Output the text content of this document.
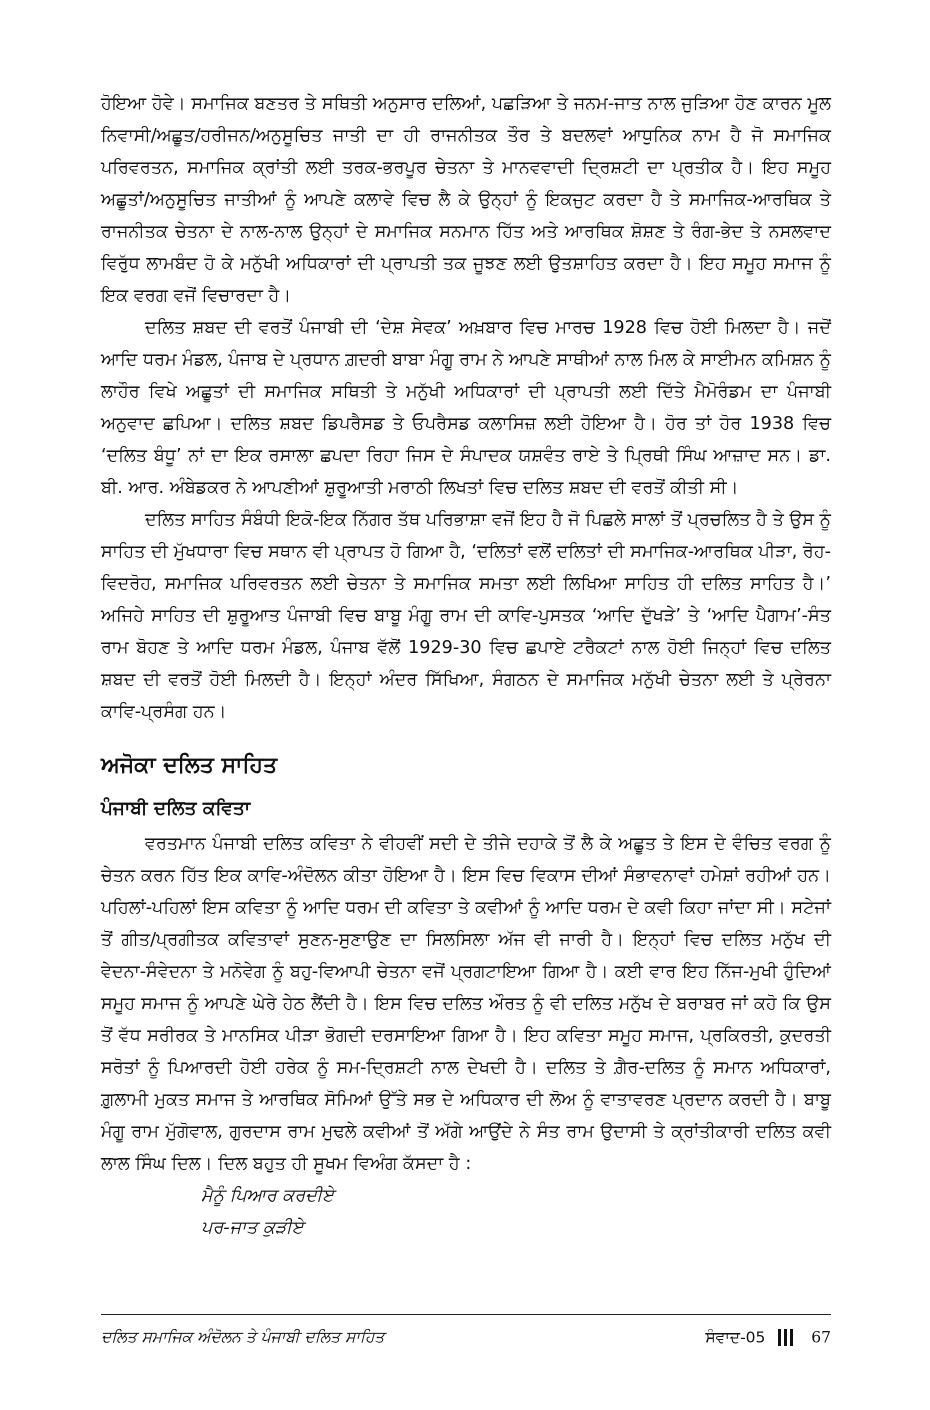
ਹੋਇਆ ਹੋਵੇ। ਸਮਾਜਿਕ ਬਣਤਰ ਤੇ ਸਥਿਤੀ ਅਨੁਸਾਰ ਦਲਿਆਂ, ਪਛੜਿਆ ਤੇ ਜਨਮ-ਜਾਤ ਨਾਲ ਜੁੜਿਆ ਹੋਣ ਕਾਰਨ ਮੂਲ ਨਿਵਾਸੀ/ਅਛੂਤ/ਹਰੀਜਨ/ਅਨੁਸੂਚਿਤ ਜਾਤੀ ਦਾ ਹੀ ਰਾਜਨੀਤਕ ਤੌਰ ਤੇ ਬਦਲਵਾਂ ਆਧੁਨਿਕ ਨਾਮ ਹੈ ਜੋ ਸਮਾਜਿਕ ਪਰਿਵਰਤਨ, ਸਮਾਜਿਕ ਕ੍ਰਾਂਤੀ ਲਈ ਤਰਕ-ਭਰਪੂਰ ਚੇਤਨਾ ਤੇ ਮਾਨਵਵਾਦੀ ਦ੍ਰਿਸ਼ਟੀ ਦਾ ਪ੍ਰਤੀਕ ਹੈ। ਇਹ ਸਮੂਹ ਅਛੂਤਾਂ/ਅਨੁਸੂਚਿਤ ਜਾਤੀਆਂ ਨੂੰ ਆਪਣੇ ਕਲਾਵੇ ਵਿਚ ਲੈ ਕੇ ਉਨ੍ਹਾਂ ਨੂੰ ਇਕਜੁਟ ਕਰਦਾ ਹੈ ਤੇ ਸਮਾਜਿਕ-ਆਰਥਿਕ ਤੇ ਰਾਜਨੀਤਕ ਚੇਤਨਾ ਦੇ ਨਾਲ-ਨਾਲ ਉਨ੍ਹਾਂ ਦੇ ਸਮਾਜਿਕ ਸਨਮਾਨ ਹਿੱਤ ਅਤੇ ਆਰਥਿਕ ਸ਼ੋਸ਼ਣ ਤੇ ਰੰਗ-ਭੇਦ ਤੇ ਨਸਲਵਾਦ ਵਿਰੁੱਧ ਲਾਮਬੰਦ ਹੋ ਕੇ ਮਨੁੱਖੀ ਅਧਿਕਾਰਾਂ ਦੀ ਪ੍ਰਾਪਤੀ ਤਕ ਜੂਝਣ ਲਈ ਉਤਸ਼ਾਹਿਤ ਕਰਦਾ ਹੈ। ਇਹ ਸਮੂਹ ਸਮਾਜ ਨੂੰ ਇਕ ਵਰਗ ਵਜੋਂ ਵਿਚਾਰਦਾ ਹੈ।

ਦਲਿਤ ਸ਼ਬਦ ਦੀ ਵਰਤੋਂ ਪੰਜਾਬੀ ਦੀ ‘ਦੇਸ਼ ਸੇਵਕ’ ਅਖ਼ਬਾਰ ਵਿਚ ਮਾਰਚ 1928 ਵਿਚ ਹੋਈ ਮਿਲਦਾ ਹੈ। ਜਦੋਂ ਆਦਿ ਧਰਮ ਮੰਡਲ, ਪੰਜਾਬ ਦੇ ਪ੍ਰਧਾਨ ਗ਼ਦਰੀ ਬਾਬਾ ਮੰਗੂ ਰਾਮ ਨੇ ਆਪਣੇ ਸਾਥੀਆਂ ਨਾਲ ਮਿਲ ਕੇ ਸਾਈਮਨ ਕਮਿਸ਼ਨ ਨੂੰ ਲਾਹੌਰ ਵਿਖੇ ਅਛੂਤਾਂ ਦੀ ਸਮਾਜਿਕ ਸਥਿਤੀ ਤੇ ਮਨੁੱਖੀ ਅਧਿਕਾਰਾਂ ਦੀ ਪ੍ਰਾਪਤੀ ਲਈ ਦਿੱਤੇ ਮੈਮੋਰੰਡਮ ਦਾ ਪੰਜਾਬੀ ਅਨੁਵਾਦ ਛਪਿਆ। ਦਲਿਤ ਸ਼ਬਦ ਡਿਪਰੈਸਡ ਤੇ ਓਪਰੈਸਡ ਕਲਾਸਿਜ਼ ਲਈ ਹੋਇਆ ਹੈ। ਹੋਰ ਤਾਂ ਹੋਰ 1938 ਵਿਚ ‘ਦਲਿਤ ਬੰਧੂ’ ਨਾਂ ਦਾ ਇਕ ਰਸਾਲਾ ਛਪਦਾ ਰਿਹਾ ਜਿਸ ਦੇ ਸੰਪਾਦਕ ਯਸ਼ਵੰਤ ਰਾਏ ਤੇ ਪ੍ਰਿਥੀ ਸਿੰਘ ਆਜ਼ਾਦ ਸਨ। ਡਾ. ਬੀ. ਆਰ. ਅੰਬੇਡਕਰ ਨੇ ਆਪਣੀਆਂ ਸ਼ੁਰੂਆਤੀ ਮਰਾਠੀ ਲਿਖਤਾਂ ਵਿਚ ਦਲਿਤ ਸ਼ਬਦ ਦੀ ਵਰਤੋਂ ਕੀਤੀ ਸੀ।

ਦਲਿਤ ਸਾਹਿਤ ਸੰਬੰਧੀ ਇਕੋ-ਇਕ ਨਿੱਗਰ ਤੱਥ ਪਰਿਭਾਸ਼ਾ ਵਜੋਂ ਇਹ ਹੈ ਜੋ ਪਿਛਲੇ ਸਾਲਾਂ ਤੋਂ ਪ੍ਰਚਲਿਤ ਹੈ ਤੇ ਉਸ ਨੂੰ ਸਾਹਿਤ ਦੀ ਮੁੱਖਧਾਰਾ ਵਿਚ ਸਥਾਨ ਵੀ ਪ੍ਰਾਪਤ ਹੋ ਗਿਆ ਹੈ, ‘ਦਲਿਤਾਂ ਵਲੋਂ ਦਲਿਤਾਂ ਦੀ ਸਮਾਜਿਕ-ਆਰਥਿਕ ਪੀੜਾ, ਰੋਹ-ਵਿਦਰੋਹ, ਸਮਾਜਿਕ ਪਰਿਵਰਤਨ ਲਈ ਚੇਤਨਾ ਤੇ ਸਮਾਜਿਕ ਸਮਤਾ ਲਈ ਲਿਖਿਆ ਸਾਹਿਤ ਹੀ ਦਲਿਤ ਸਾਹਿਤ ਹੈ।’ ਅਜਿਹੇ ਸਾਹਿਤ ਦੀ ਸ਼ੁਰੂਆਤ ਪੰਜਾਬੀ ਵਿਚ ਬਾਬੂ ਮੰਗੂ ਰਾਮ ਦੀ ਕਾਵਿ-ਪੁਸਤਕ ‘ਆਦਿ ਦੁੱਖੜੇ’ ਤੇ ‘ਆਦਿ ਪੈਗਾਮ’-ਸੰਤ ਰਾਮ ਬੋਹਣ ਤੇ ਆਦਿ ਧਰਮ ਮੰਡਲ, ਪੰਜਾਬ ਵੱਲੋਂ 1929-30 ਵਿਚ ਛਪਾਏ ਟਰੈਕਟਾਂ ਨਾਲ ਹੋਈ ਜਿਨ੍ਹਾਂ ਵਿਚ ਦਲਿਤ ਸ਼ਬਦ ਦੀ ਵਰਤੋਂ ਹੋਈ ਮਿਲਦੀ ਹੈ। ਇਨ੍ਹਾਂ ਅੰਦਰ ਸਿੱਖਿਆ, ਸੰਗਠਨ ਦੇ ਸਮਾਜਿਕ ਮਨੁੱਖੀ ਚੇਤਨਾ ਲਈ ਤੇ ਪ੍ਰੇਰਨਾ ਕਾਵਿ-ਪ੍ਰਸੰਗ ਹਨ।

ਅਜੋਕਾ ਦਲਿਤ ਸਾਹਿਤ
ਪੰਜਾਬੀ ਦਲਿਤ ਕਵਿਤਾ

ਵਰਤਮਾਨ ਪੰਜਾਬੀ ਦਲਿਤ ਕਵਿਤਾ ਨੇ ਵੀਹਵੀਂ ਸਦੀ ਦੇ ਤੀਜੇ ਦਹਾਕੇ ਤੋਂ ਲੈ ਕੇ ਅਛੂਤ ਤੇ ਇਸ ਦੇ ਵੰਚਿਤ ਵਰਗ ਨੂੰ ਚੇਤਨ ਕਰਨ ਹਿੱਤ ਇਕ ਕਾਵਿ-ਅੰਦੋਲਨ ਕੀਤਾ ਹੋਇਆ ਹੈ। ਇਸ ਵਿਚ ਵਿਕਾਸ ਦੀਆਂ ਸੰਭਾਵਨਾਵਾਂ ਹਮੇਸ਼ਾਂ ਰਹੀਆਂ ਹਨ। ਪਹਿਲਾਂ-ਪਹਿਲਾਂ ਇਸ ਕਵਿਤਾ ਨੂੰ ਆਦਿ ਧਰਮ ਦੀ ਕਵਿਤਾ ਤੇ ਕਵੀਆਂ ਨੂੰ ਆਦਿ ਧਰਮ ਦੇ ਕਵੀ ਕਿਹਾ ਜਾਂਦਾ ਸੀ। ਸਟੇਜਾਂ ਤੋਂ ਗੀਤ/ਪ੍ਰਗੀਤਕ ਕਵਿਤਾਵਾਂ ਸੁਣਨ-ਸੁਣਾਉਣ ਦਾ ਸਿਲਸਿਲਾ ਅੱਜ ਵੀ ਜਾਰੀ ਹੈ। ਇਨ੍ਹਾਂ ਵਿਚ ਦਲਿਤ ਮਨੁੱਖ ਦੀ ਵੇਦਨਾ-ਸੰਵੇਦਨਾ ਤੇ ਮਨੋਵੇਗ ਨੂੰ ਬਹੁ-ਵਿਆਪੀ ਚੇਤਨਾ ਵਜੋਂ ਪ੍ਰਗਟਾਇਆ ਗਿਆ ਹੈ। ਕਈ ਵਾਰ ਇਹ ਨਿੱਜ-ਮੁਖੀ ਹੁੰਦਿਆਂ ਸਮੂਹ ਸਮਾਜ ਨੂੰ ਆਪਣੇ ਘੇਰੇ ਹੇਠ ਲੈਂਦੀ ਹੈ। ਇਸ ਵਿਚ ਦਲਿਤ ਔਰਤ ਨੂੰ ਵੀ ਦਲਿਤ ਮਨੁੱਖ ਦੇ ਬਰਾਬਰ ਜਾਂ ਕਹੋ ਕਿ ਉਸ ਤੋਂ ਵੱਧ ਸਰੀਰਕ ਤੇ ਮਾਨਸਿਕ ਪੀੜਾ ਭੋਗਦੀ ਦਰਸਾਇਆ ਗਿਆ ਹੈ। ਇਹ ਕਵਿਤਾ ਸਮੂਹ ਸਮਾਜ, ਪ੍ਰਕਿਰਤੀ, ਕੁਦਰਤੀ ਸਰੋਤਾਂ ਨੂੰ ਪਿਆਰਦੀ ਹੋਈ ਹਰੇਕ ਨੂੰ ਸਮ-ਦ੍ਰਿਸ਼ਟੀ ਨਾਲ ਦੇਖਦੀ ਹੈ। ਦਲਿਤ ਤੇ ਗ਼ੈਰ-ਦਲਿਤ ਨੂੰ ਸਮਾਨ ਅਧਿਕਾਰਾਂ, ਗ਼ੁਲਾਮੀ ਮੁਕਤ ਸਮਾਜ ਤੇ ਆਰਥਿਕ ਸੋਮਿਆਂ ਉੱਤੇ ਸਭ ਦੇ ਅਧਿਕਾਰ ਦੀ ਲੋਅ ਨੂੰ ਵਾਤਾਵਰਣ ਪ੍ਰਦਾਨ ਕਰਦੀ ਹੈ। ਬਾਬੂ ਮੰਗੂ ਰਾਮ ਮੁੱਗੋਵਾਲ, ਗੁਰਦਾਸ ਰਾਮ ਮੁਢਲੇ ਕਵੀਆਂ ਤੋਂ ਅੱਗੇ ਆਉਂਦੇ ਨੇ ਸੰਤ ਰਾਮ ਉਦਾਸੀ ਤੇ ਕ੍ਰਾਂਤੀਕਾਰੀ ਦਲਿਤ ਕਵੀ ਲਾਲ ਸਿੰਘ ਦਿਲ। ਦਿਲ ਬਹੁਤ ਹੀ ਸੂਖਮ ਵਿਅੰਗ ਕੱਸਦਾ ਹੈ :

ਮੈਨੂੰ ਪਿਆਰ ਕਰਦੀਏ

ਪਰ-ਜਾਤ ਕੁੜੀਏ

ਦਲਿਤ ਸਮਾਜਿਕ ਅੰਦੋਲਨ ਤੇ ਪੰਜਾਬੀ ਦਲਿਤ ਸਾਹਿਤ	ਸੰਵਾਦ-05	67
